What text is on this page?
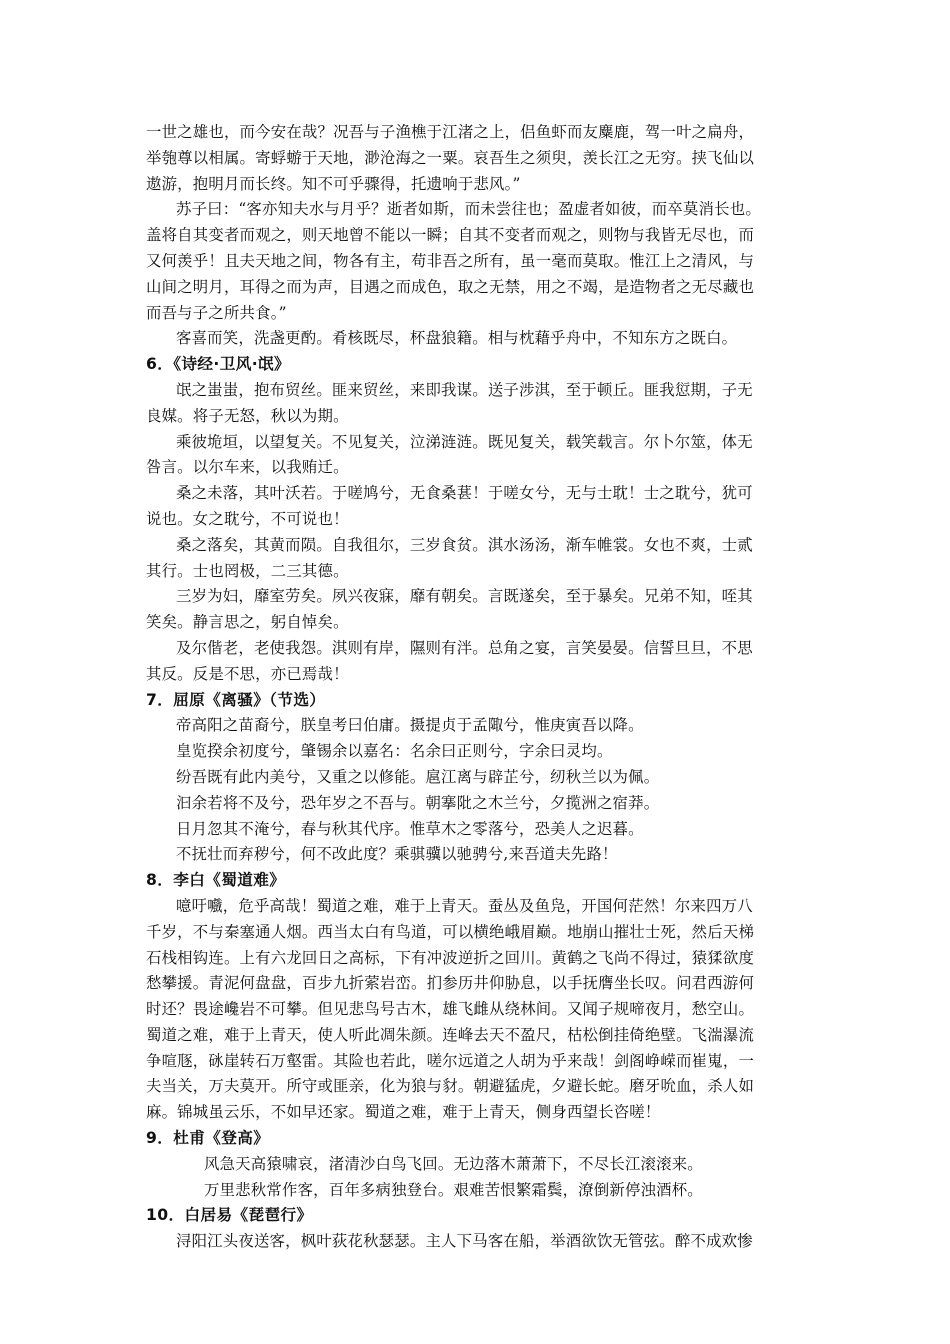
一世之雄也，而今安在哉？况吾与子渔樵于江渚之上，侣鱼虾而友麋鹿，驾一叶之扁舟，
举匏尊以相属。寄蜉蝣于天地，渺沧海之一粟。哀吾生之须臾，羡长江之无穷。挟飞仙以
遨游，抱明月而长终。知不可乎骤得，托遗响于悲风。”
苏子曰：“客亦知夫水与月乎？逝者如斯，而未尝往也；盈虚者如彼，而卒莫消长也。
盖将自其变者而观之，则天地曾不能以一瞬；自其不变者而观之，则物与我皆无尽也，而
又何羡乎！且夫天地之间，物各有主，苟非吾之所有，虽一毫而莫取。惟江上之清风，与
山间之明月，耳得之而为声，目遇之而成色，取之无禁，用之不竭，是造物者之无尽藏也
而吾与子之所共食。”
客喜而笑，洗盏更酌。肴核既尽，杯盘狼籍。相与枕藉乎舟中，不知东方之既白。
6．《诗经·卫风·氓》
氓之蚩蚩，抱布贸丝。匪来贸丝，来即我谋。送子涉淇，至于顿丘。匪我愆期，子无
良媒。将子无怒，秋以为期。
乘彼垝垣，以望复关。不见复关，泣涕涟涟。既见复关，载笑载言。尔卜尔筮，体无
咎言。以尔车来，以我贿迁。
桑之未落，其叶沃若。于嗟鸠兮，无食桑葚！于嗟女兮，无与士耽！士之耽兮，犹可
说也。女之耽兮，不可说也！
桑之落矣，其黄而陨。自我徂尔，三岁食贫。淇水汤汤，渐车帷裳。女也不爽，士贰
其行。士也罔极，二三其德。
三岁为妇，靡室劳矣。夙兴夜寐，靡有朝矣。言既遂矣，至于暴矣。兄弟不知，咥其
笑矣。静言思之，躬自悼矣。
及尔偕老，老使我怨。淇则有岸，隰则有泮。总角之宴，言笑晏晏。信誓旦旦，不思
其反。反是不思，亦已焉哉！
7．屈原《离骚》（节选）
帝高阳之苗裔兮，朕皇考曰伯庸。摄提贞于孟陬兮，惟庚寅吾以降。
皇览揆余初度兮，肇锡余以嘉名：名余曰正则兮，字余曰灵均。
纷吾既有此内美兮，又重之以修能。扈江离与辟芷兮，纫秋兰以为佩。
汩余若将不及兮，恐年岁之不吾与。朝搴阰之木兰兮，夕揽洲之宿莽。
日月忽其不淹兮，春与秋其代序。惟草木之零落兮，恐美人之迟暮。
不抚壮而弃秽兮，何不改此度？乘骐骥以驰骋兮,来吾道夫先路！
8．李白《蜀道难》
噫吁嚱，危乎高哉！蜀道之难，难于上青天。蚕丛及鱼凫，开国何茫然！尔来四万八
千岁，不与秦塞通人烟。西当太白有鸟道，可以横绝峨眉巅。地崩山摧壮士死，然后天梯
石栈相钩连。上有六龙回日之高标，下有冲波逆折之回川。黄鹤之飞尚不得过，猿猱欲度
愁攀援。青泥何盘盘，百步九折萦岩峦。扪参历井仰胁息，以手抚膺坐长叹。问君西游何
时还？畏途巉岩不可攀。但见悲鸟号古木，雄飞雌从绕林间。又闻子规啼夜月，愁空山。
蜀道之难，难于上青天，使人听此凋朱颜。连峰去天不盈尺，枯松倒挂倚绝壁。飞湍瀑流
争喧豗，砯崖转石万壑雷。其险也若此，嗟尔远道之人胡为乎来哉！剑阁峥嵘而崔嵬，一
夫当关，万夫莫开。所守或匪亲，化为狼与豺。朝避猛虎，夕避长蛇。磨牙吮血，杀人如
麻。锦城虽云乐，不如早还家。蜀道之难，难于上青天，侧身西望长咨嗟！
9．杜甫《登高》
风急天高猿啸哀，渚清沙白鸟飞回。无边落木萧萧下，不尽长江滚滚来。
万里悲秋常作客，百年多病独登台。艰难苦恨繁霜鬓，潦倒新停浊酒杯。
10．白居易《琵琶行》
浔阳江头夜送客，枫叶荻花秋瑟瑟。主人下马客在船，举酒欲饮无管弦。醉不成欢惨
